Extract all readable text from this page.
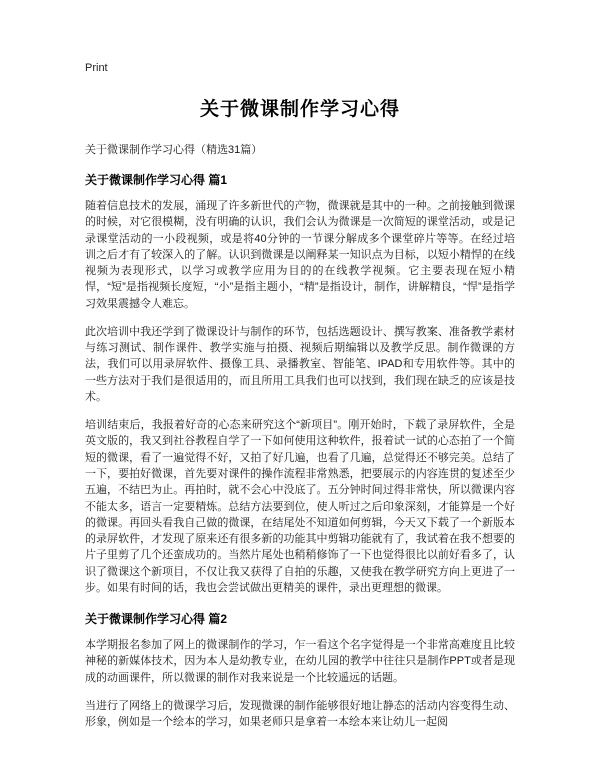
Print
关于微课制作学习心得
关于微课制作学习心得（精选31篇）
关于微课制作学习心得 篇1

随着信息技术的发展，涌现了许多新世代的产物，微课就是其中的一种。之前接触到微课的时候，对它很模糊，没有明确的认识，我们会认为微课是一次简短的课堂活动，或是记录课堂活动的一小段视频，或是将40分钟的一节课分解成多个课堂碎片等等。在经过培训之后才有了较深入的了解。认识到微课是以阐释某一知识点为目标，以短小精悍的在线视频为表现形式，以学习或教学应用为目的的在线教学视频。它主要表现在短小精悍，“短”是指视频长度短，“小”是指主题小，“精”是指设计，制作，讲解精良，“悍”是指学习效果震撼令人难忘。

此次培训中我还学到了微课设计与制作的环节，包括选题设计、撰写教案、准备教学素材与练习测试、制作课件、教学实施与拍摄、视频后期编辑以及教学反思。制作微课的方法，我们可以用录屏软件、摄像工具、录播教室、智能笔、IPAD和专用软件等。其中的一些方法对于我们是很适用的，而且所用工具我们也可以找到，我们现在缺乏的应该是技术。

培训结束后，我报着好奇的心态来研究这个“新项目”。刚开始时，下载了录屏软件，全是英文版的，我又到社谷教程自学了一下如何使用这种软件，报着试一试的心态拍了一个简短的微课，看了一遍觉得不好，又拍了好几遍，也看了几遍，总觉得还不够完美。总结了一下，要拍好微课，首先要对课件的操作流程非常熟悉，把要展示的内容连贯的复述至少五遍，不结巴为止。再拍时，就不会心中没底了。五分钟时间过得非常快，所以微课内容不能太多，语言一定要精炼。总结方法要到位，使人听过之后印象深刻，才能算是一个好的微课。再回头看我自己做的微课，在结尾处不知道如何剪辑，今天又下载了一个新版本的录屏软件，才发现了原来还有很多新的功能其中剪辑功能就有了，我试着在我不想要的片子里剪了几个还蛮成功的。当然片尾处也稍稍修饰了一下也觉得很比以前好看多了，认识了微课这个新项目，不仅让我又获得了自拍的乐趣，又使我在教学研究方向上更进了一步。如果有时间的话，我也会尝试做出更精美的课件，录出更理想的微课。

关于微课制作学习心得 篇2

本学期报名参加了网上的微课制作的学习，乍一看这个名字觉得是一个非常高难度且比较神秘的新媒体技术，因为本人是幼教专业，在幼儿园的教学中往往只是制作PPT或者是现成的动画课件，所以微课的制作对我来说是一个比较遥远的话题。

当进行了网络上的微课学习后，发现微课的制作能够很好地让静态的活动内容变得生动、形象，例如是一个绘本的学习，如果老师只是拿着一本绘本来让幼儿一起阅
